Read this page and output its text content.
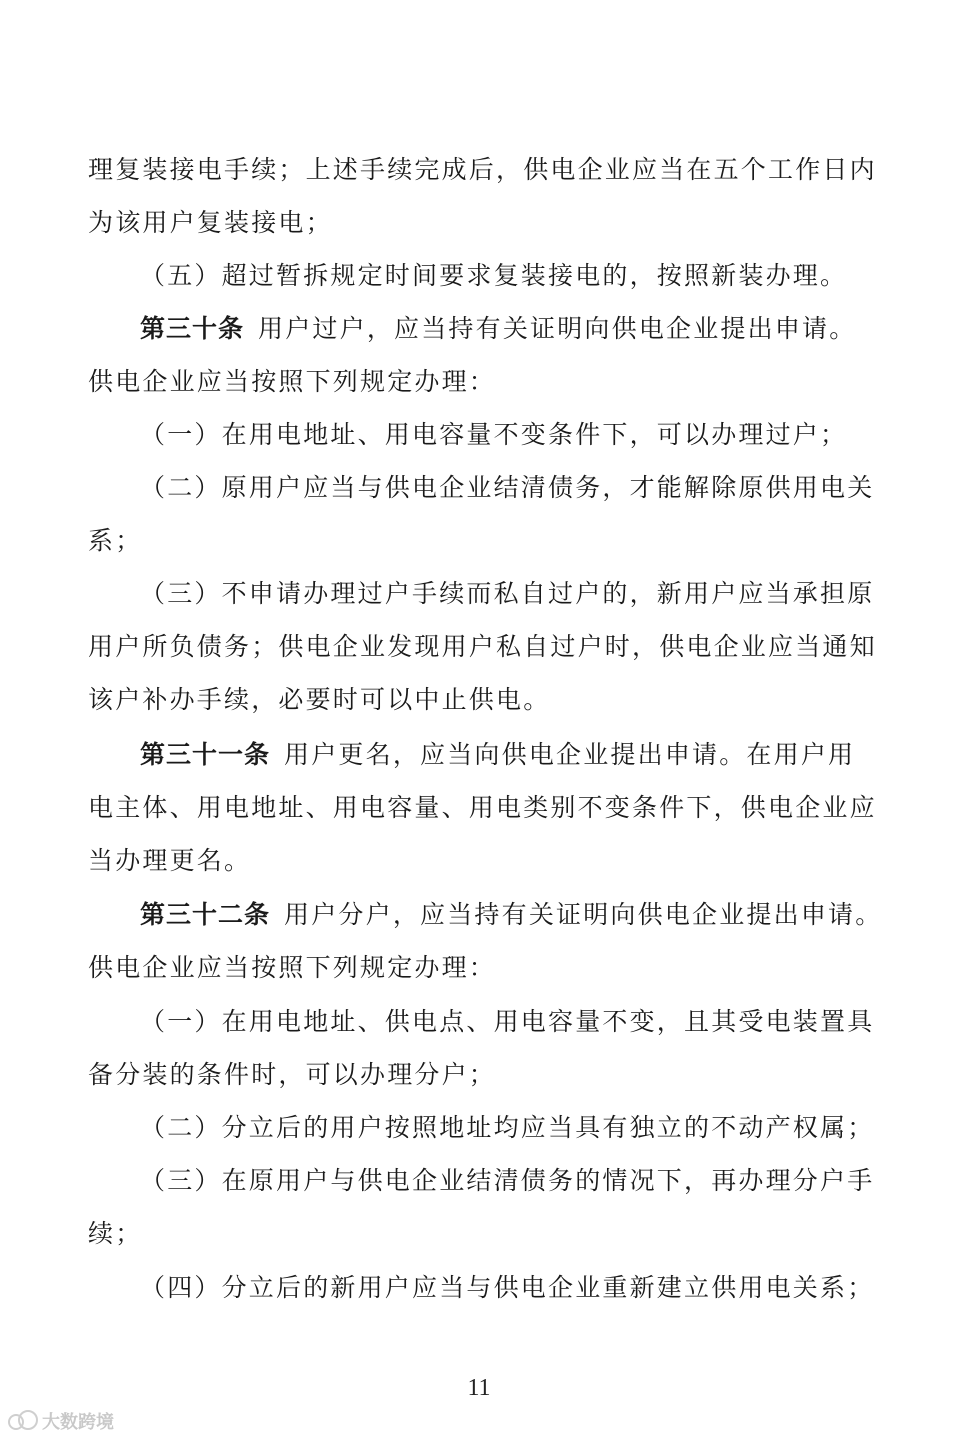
理复装接电手续；上述手续完成后，供电企业应当在五个工作日内
为该用户复装接电；
（五）超过暂拆规定时间要求复装接电的，按照新装办理。
第三十条 用户过户，应当持有关证明向供电企业提出申请。
供电企业应当按照下列规定办理：
（一）在用电地址、用电容量不变条件下，可以办理过户；
（二）原用户应当与供电企业结清债务，才能解除原供用电关
系；
（三）不申请办理过户手续而私自过户的，新用户应当承担原
用户所负债务；供电企业发现用户私自过户时，供电企业应当通知
该户补办手续，必要时可以中止供电。
第三十一条 用户更名，应当向供电企业提出申请。在用户用
电主体、用电地址、用电容量、用电类别不变条件下，供电企业应
当办理更名。
第三十二条 用户分户，应当持有关证明向供电企业提出申请。
供电企业应当按照下列规定办理：
（一）在用电地址、供电点、用电容量不变，且其受电装置具
备分装的条件时，可以办理分户；
（二）分立后的用户按照地址均应当具有独立的不动产权属；
（三）在原用户与供电企业结清债务的情况下，再办理分户手
续；
（四）分立后的新用户应当与供电企业重新建立供用电关系；
11
大数跨境
